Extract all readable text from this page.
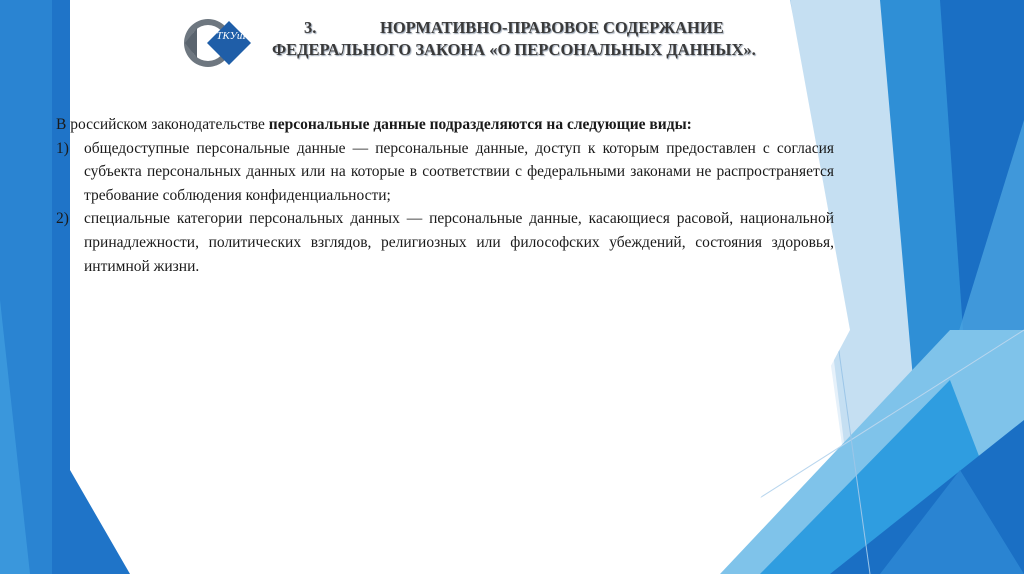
ТКУиК	3.	НОРМАТИВНО-ПРАВОВОЕ СОДЕРЖАНИЕ
ФЕДЕРАЛЬНОГО ЗАКОНА «О ПЕРСОНАЛЬНЫХ ДАННЫХ».

В российском законодательстве персональные данные подразделяются на следующие виды:

1) общедоступные персональные данные — персональные данные, доступ к которым предоставлен с согласия субъекта персональных данных или на которые в соответствии с федеральными законами не распространяется требование соблюдения конфиденциальности;
2) специальные категории персональных данных — персональные данные, касающиеся расовой, национальной принадлежности, политических взглядов, религиозных или философских убеждений, состояния здоровья, интимной жизни.
